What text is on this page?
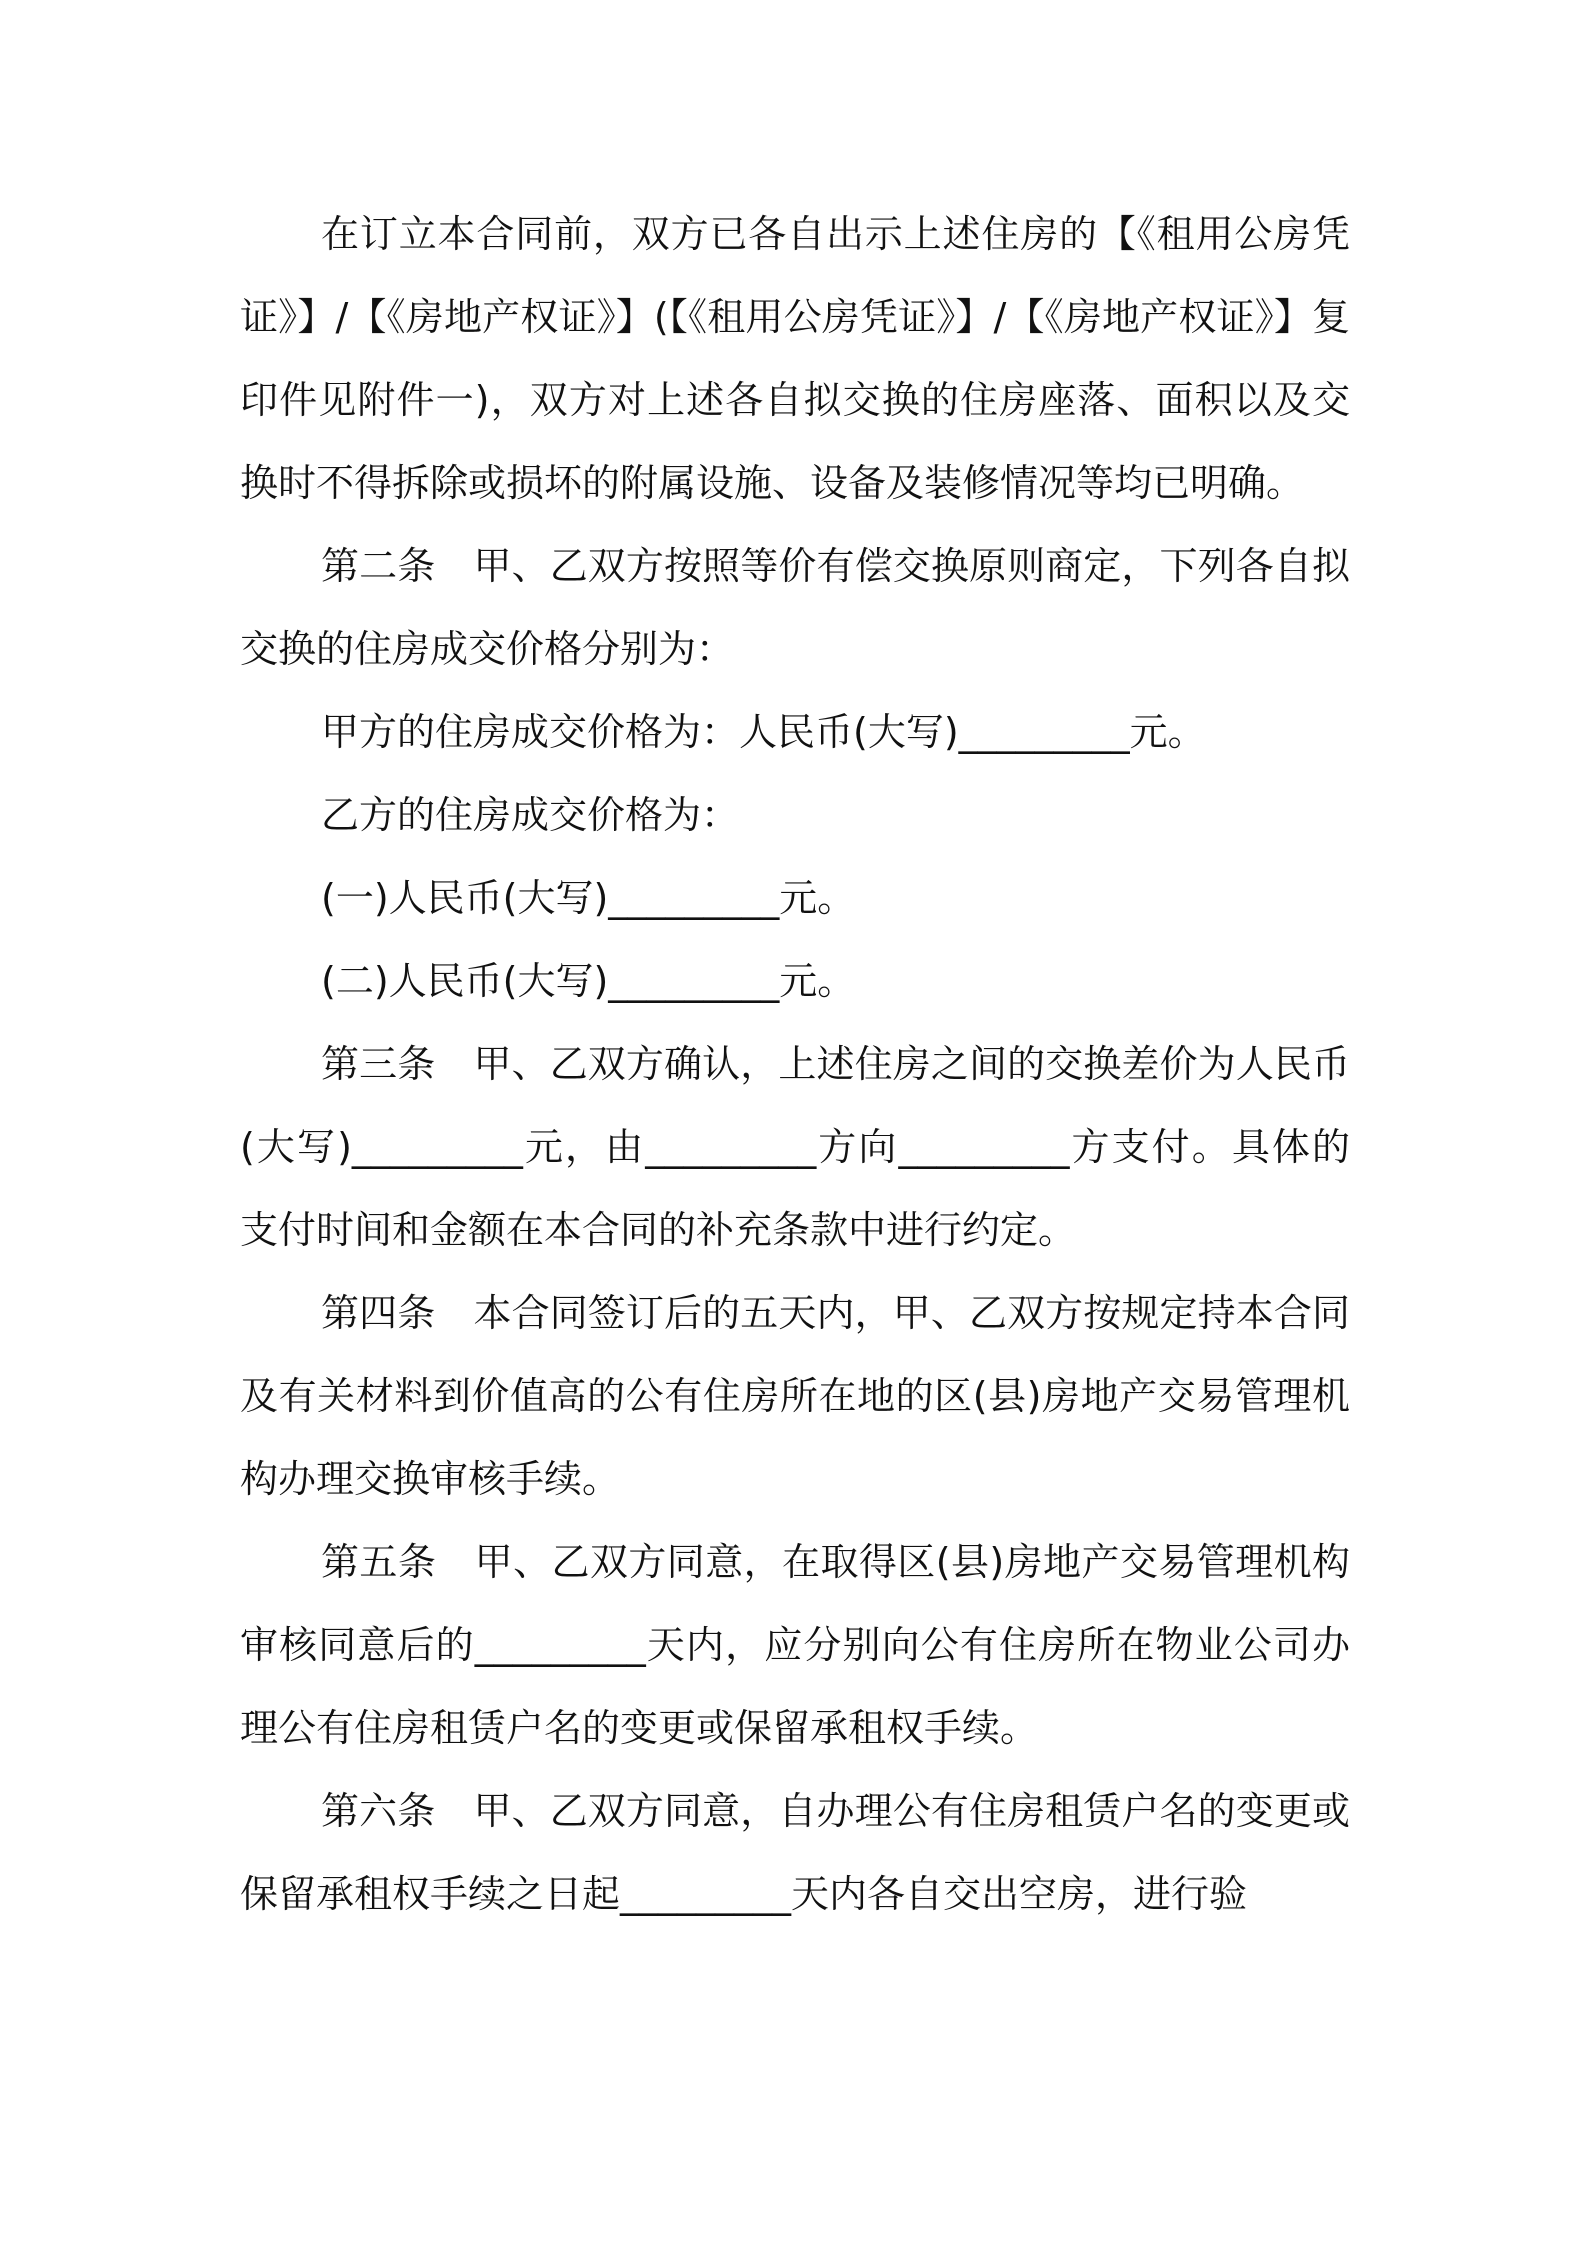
在订立本合同前，双方已各自出示上述住房的【《租用公房凭证》】/【《房地产权证》】(【《租用公房凭证》】/【《房地产权证》】复印件见附件一)，双方对上述各自拟交换的住房座落、面积以及交换时不得拆除或损坏的附属设施、设备及装修情况等均已明确。

第二条　甲、乙双方按照等价有偿交换原则商定，下列各自拟交换的住房成交价格分别为：

甲方的住房成交价格为：人民币(大写)_________元。

乙方的住房成交价格为：

(一)人民币(大写)_________元。

(二)人民币(大写)_________元。

第三条　甲、乙双方确认，上述住房之间的交换差价为人民币(大写)_________元，由_________方向_________方支付。具体的支付时间和金额在本合同的补充条款中进行约定。

第四条　本合同签订后的五天内，甲、乙双方按规定持本合同及有关材料到价值高的公有住房所在地的区(县)房地产交易管理机构办理交换审核手续。

第五条　甲、乙双方同意，在取得区(县)房地产交易管理机构审核同意后的_________天内，应分别向公有住房所在物业公司办理公有住房租赁户名的变更或保留承租权手续。

第六条　甲、乙双方同意，自办理公有住房租赁户名的变更或保留承租权手续之日起_________天内各自交出空房，进行验
